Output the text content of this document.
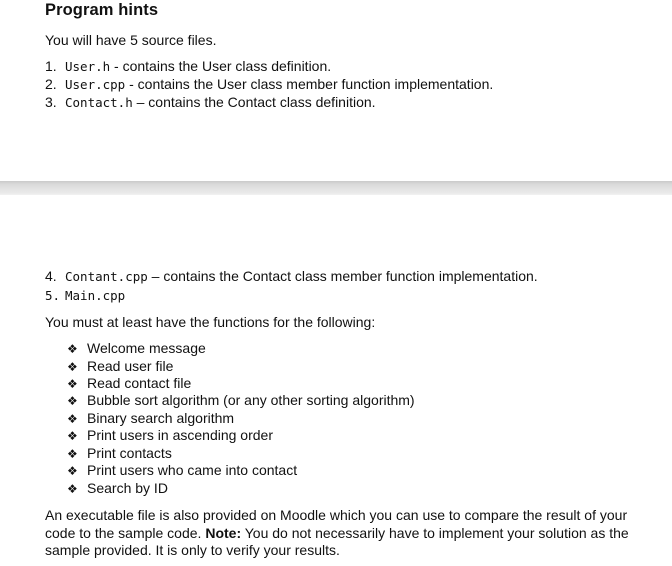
Program hints
You will have 5 source files.
1. User.h - contains the User class definition.
2. User.cpp - contains the User class member function implementation.
3. Contact.h – contains the Contact class definition.
4. Contant.cpp – contains the Contact class member function implementation.
5. Main.cpp
You must at least have the functions for the following:
❖ Welcome message
❖ Read user file
❖ Read contact file
❖ Bubble sort algorithm (or any other sorting algorithm)
❖ Binary search algorithm
❖ Print users in ascending order
❖ Print contacts
❖ Print users who came into contact
❖ Search by ID
An executable file is also provided on Moodle which you can use to compare the result of your code to the sample code. Note: You do not necessarily have to implement your solution as the sample provided. It is only to verify your results.
